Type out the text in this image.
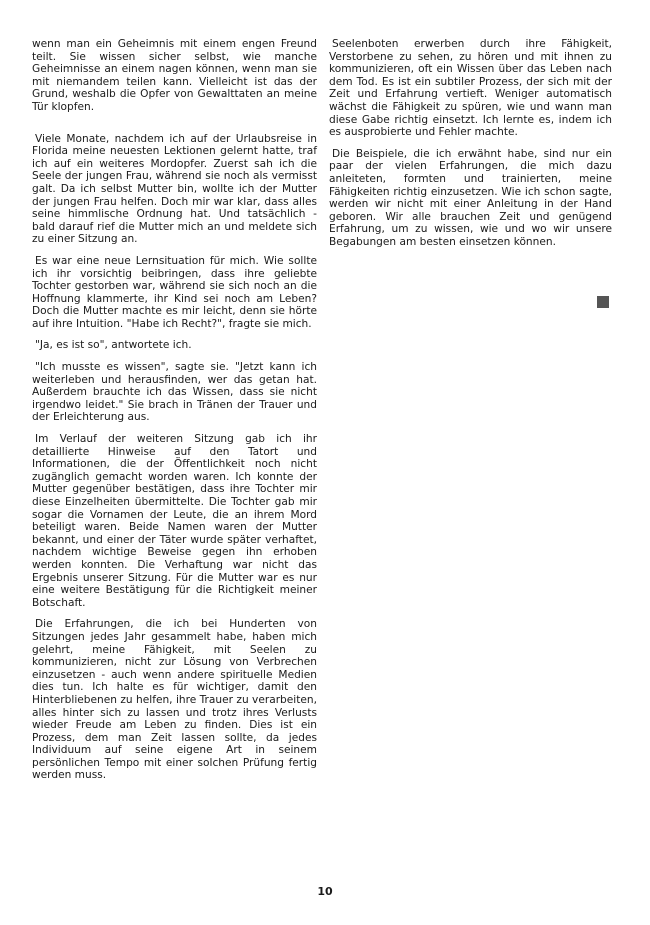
wenn man ein Geheimnis mit einem engen Freund teilt. Sie wissen sicher selbst, wie manche Geheimnisse an einem nagen können, wenn man sie mit niemandem teilen kann. Vielleicht ist das der Grund, weshalb die Opfer von Gewalttaten an meine Tür klopfen.

Viele Monate, nachdem ich auf der Urlaubsreise in Florida meine neuesten Lektionen gelernt hatte, traf ich auf ein weiteres Mordopfer. Zuerst sah ich die Seele der jungen Frau, während sie noch als vermisst galt. Da ich selbst Mutter bin, wollte ich der Mutter der jungen Frau helfen. Doch mir war klar, dass alles seine himmlische Ordnung hat. Und tatsächlich - bald darauf rief die Mutter mich an und meldete sich zu einer Sitzung an.

Es war eine neue Lernsituation für mich. Wie sollte ich ihr vorsichtig beibringen, dass ihre geliebte Tochter gestorben war, während sie sich noch an die Hoffnung klammerte, ihr Kind sei noch am Leben? Doch die Mutter machte es mir leicht, denn sie hörte auf ihre Intuition. "Habe ich Recht?", fragte sie mich.

"Ja, es ist so", antwortete ich.

"Ich musste es wissen", sagte sie. "Jetzt kann ich weiterleben und herausfinden, wer das getan hat. Außerdem brauchte ich das Wissen, dass sie nicht irgendwo leidet." Sie brach in Tränen der Trauer und der Erleichterung aus.

Im Verlauf der weiteren Sitzung gab ich ihr detaillierte Hinweise auf den Tatort und Informationen, die der Öffentlichkeit noch nicht zugänglich gemacht worden waren. Ich konnte der Mutter gegenüber bestätigen, dass ihre Tochter mir diese Einzelheiten übermittelte. Die Tochter gab mir sogar die Vornamen der Leute, die an ihrem Mord beteiligt waren. Beide Namen waren der Mutter bekannt, und einer der Täter wurde später verhaftet, nachdem wichtige Beweise gegen ihn erhoben werden konnten. Die Verhaftung war nicht das Ergebnis unserer Sitzung. Für die Mutter war es nur eine weitere Bestätigung für die Richtigkeit meiner Botschaft.

Die Erfahrungen, die ich bei Hunderten von Sitzungen jedes Jahr gesammelt habe, haben mich gelehrt, meine Fähigkeit, mit Seelen zu kommunizieren, nicht zur Lösung von Verbrechen einzusetzen - auch wenn andere spirituelle Medien dies tun. Ich halte es für wichtiger, damit den Hinterbliebenen zu helfen, ihre Trauer zu verarbeiten, alles hinter sich zu lassen und trotz ihres Verlusts wieder Freude am Leben zu finden. Dies ist ein Prozess, dem man Zeit lassen sollte, da jedes Individuum auf seine eigene Art in seinem persönlichen Tempo mit einer solchen Prüfung fertig werden muss.

Seelenboten erwerben durch ihre Fähigkeit, Verstorbene zu sehen, zu hören und mit ihnen zu kommunizieren, oft ein Wissen über das Leben nach dem Tod. Es ist ein subtiler Prozess, der sich mit der Zeit und Erfahrung vertieft. Weniger automatisch wächst die Fähigkeit zu spüren, wie und wann man diese Gabe richtig einsetzt. Ich lernte es, indem ich es ausprobierte und Fehler machte.

Die Beispiele, die ich erwähnt habe, sind nur ein paar der vielen Erfahrungen, die mich dazu anleiteten, formten und trainierten, meine Fähigkeiten richtig einzusetzen. Wie ich schon sagte, werden wir nicht mit einer Anleitung in der Hand geboren. Wir alle brauchen Zeit und genügend Erfahrung, um zu wissen, wie und wo wir unsere Begabungen am besten einsetzen können.

10
